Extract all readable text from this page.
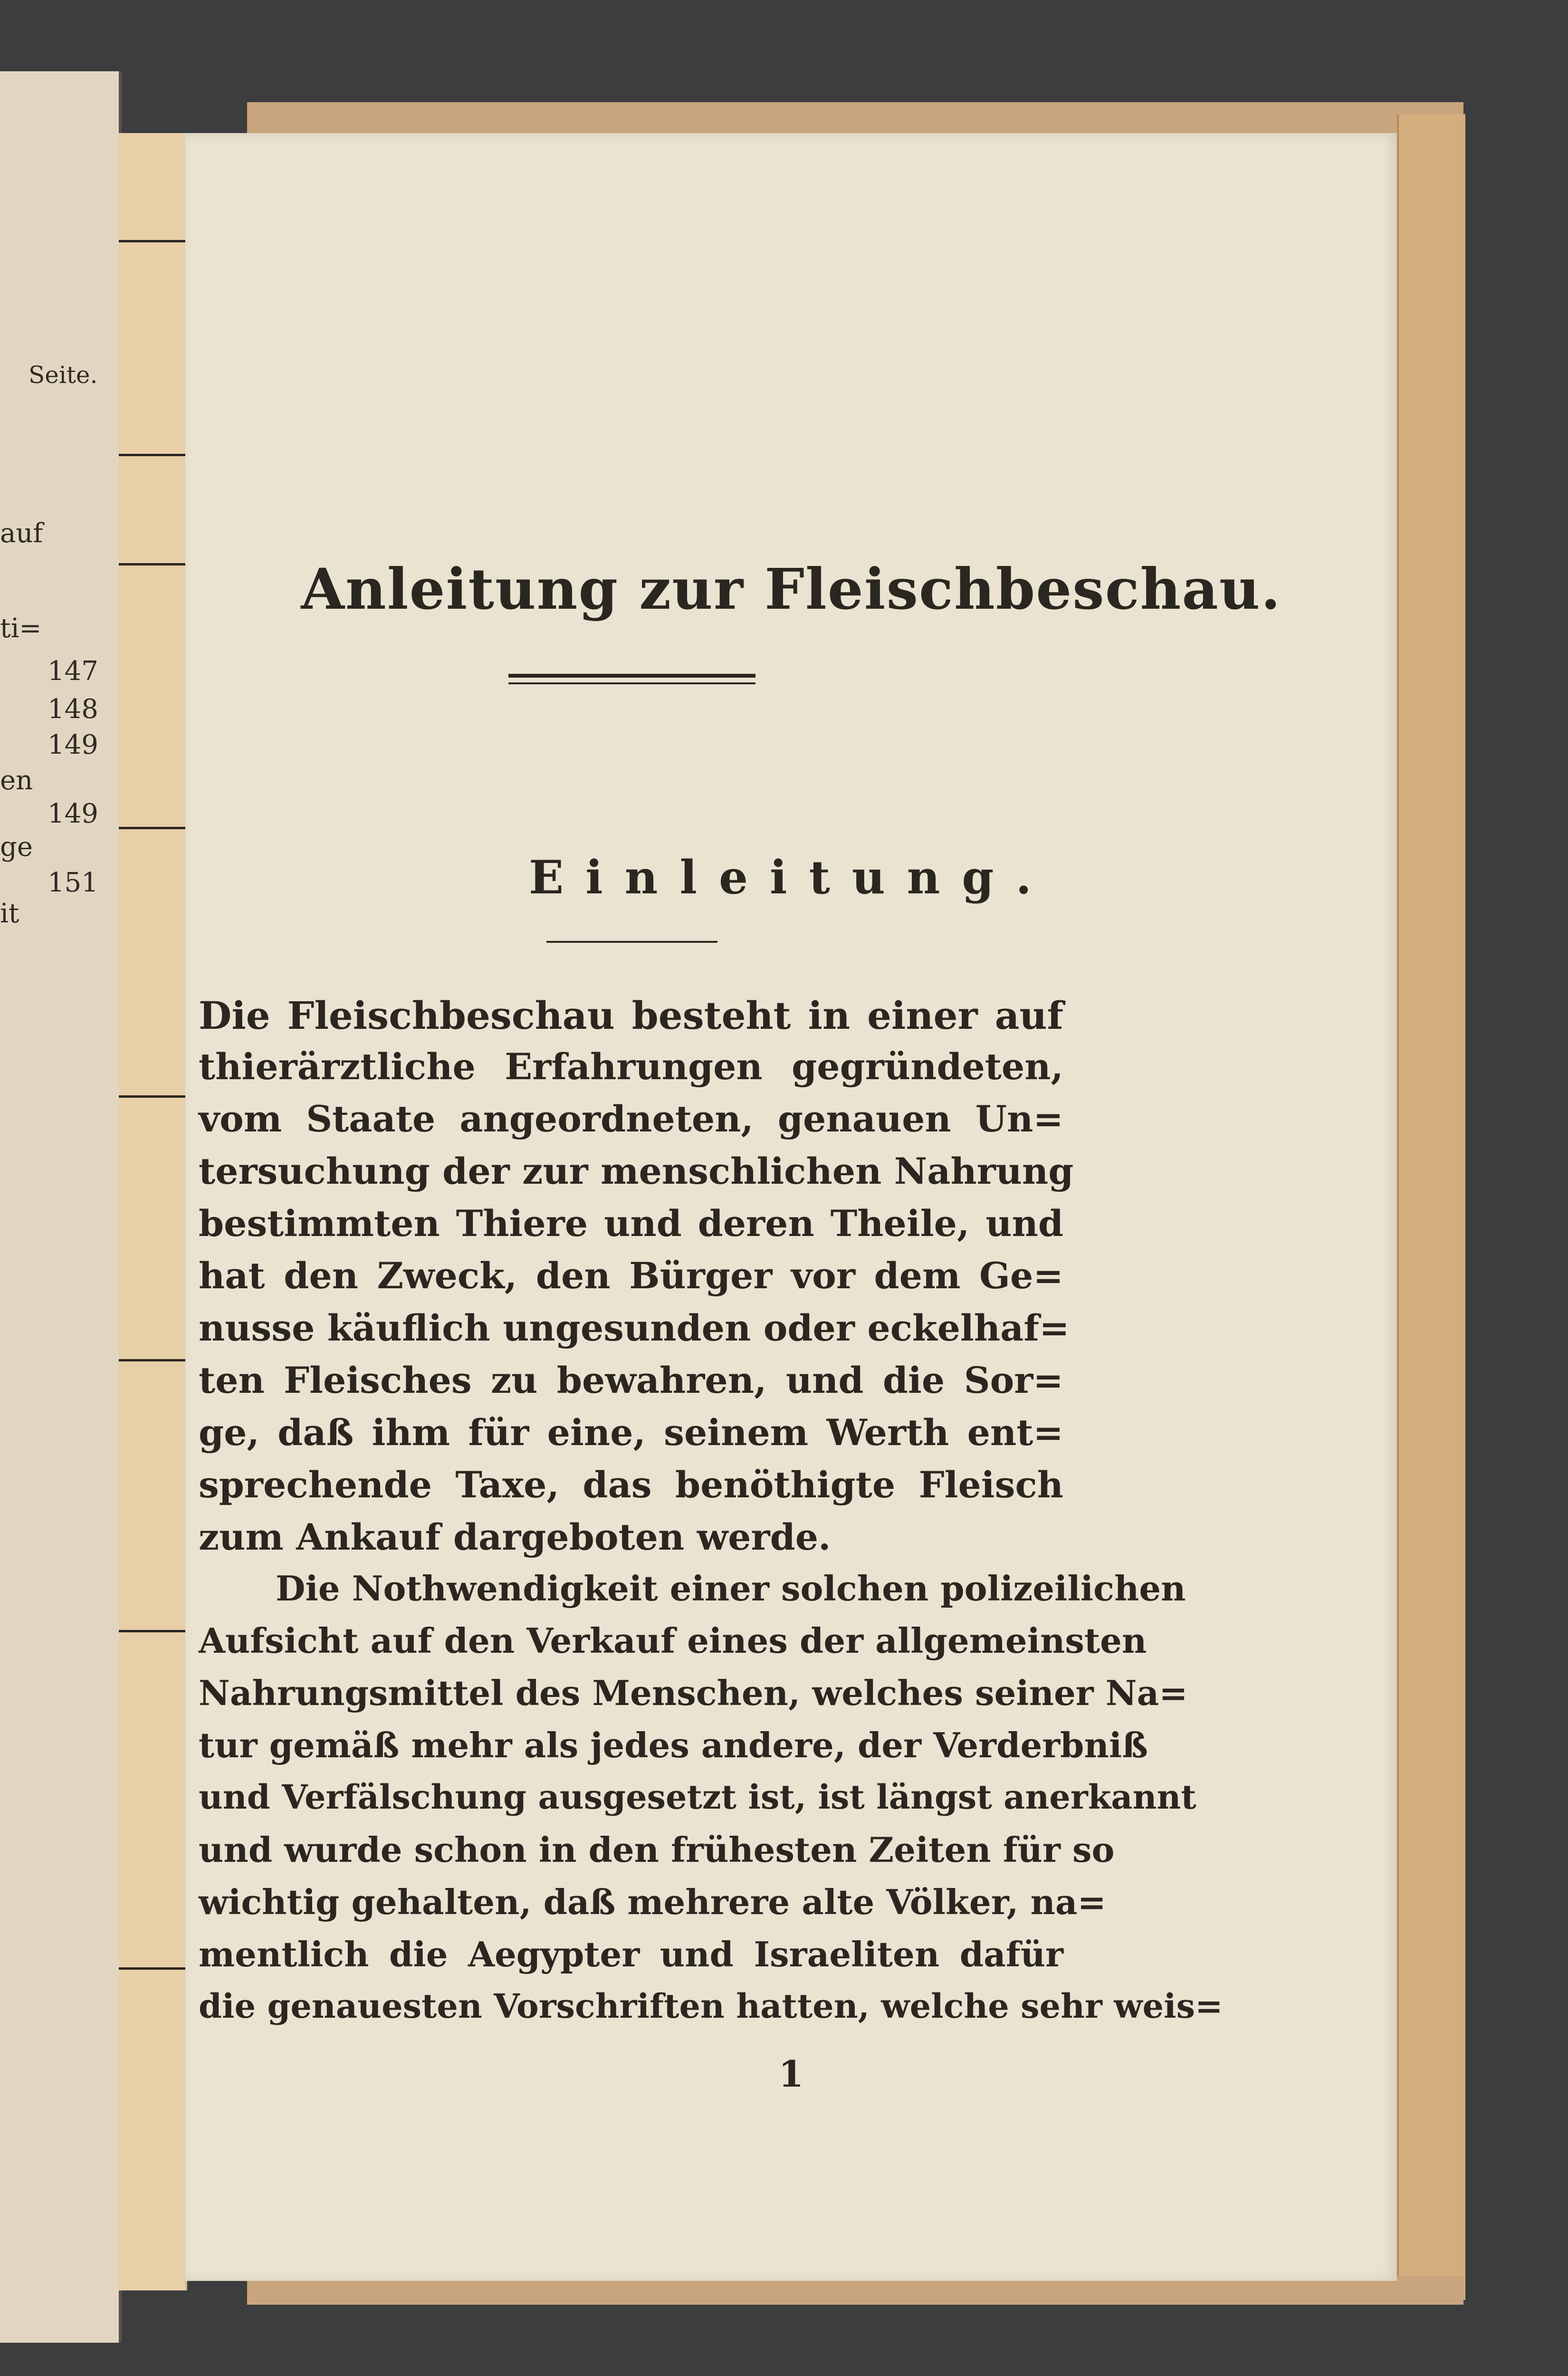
Seite.
auf
ti=
en
ge
it
147
148
149
149
151
Anleitung zur Fleischbeschau.
Einleitung.
Die Fleischbeschau besteht in einer auf
thierärztliche Erfahrungen gegründeten,
vom Staate angeordneten, genauen Un=
tersuchung der zur menschlichen Nahrung
bestimmten Thiere und deren Theile, und
hat den Zweck, den Bürger vor dem Ge=
nusse käuflich ungesunden oder eckelhaf=
ten Fleisches zu bewahren, und die Sor=
ge, daß ihm für eine, seinem Werth ent=
sprechende Taxe, das benöthigte Fleisch
zum Ankauf dargeboten werde.
Die Nothwendigkeit einer solchen polizeilichen
Aufsicht auf den Verkauf eines der allgemeinsten
Nahrungsmittel des Menschen, welches seiner Na=
tur gemäß mehr als jedes andere, der Verderbniß
und Verfälschung ausgesetzt ist, ist längst anerkannt
und wurde schon in den frühesten Zeiten für so
wichtig gehalten, daß mehrere alte Völker, na=
mentlich die Aegypter und Israeliten dafür
die genauesten Vorschriften hatten, welche sehr weis=
1
